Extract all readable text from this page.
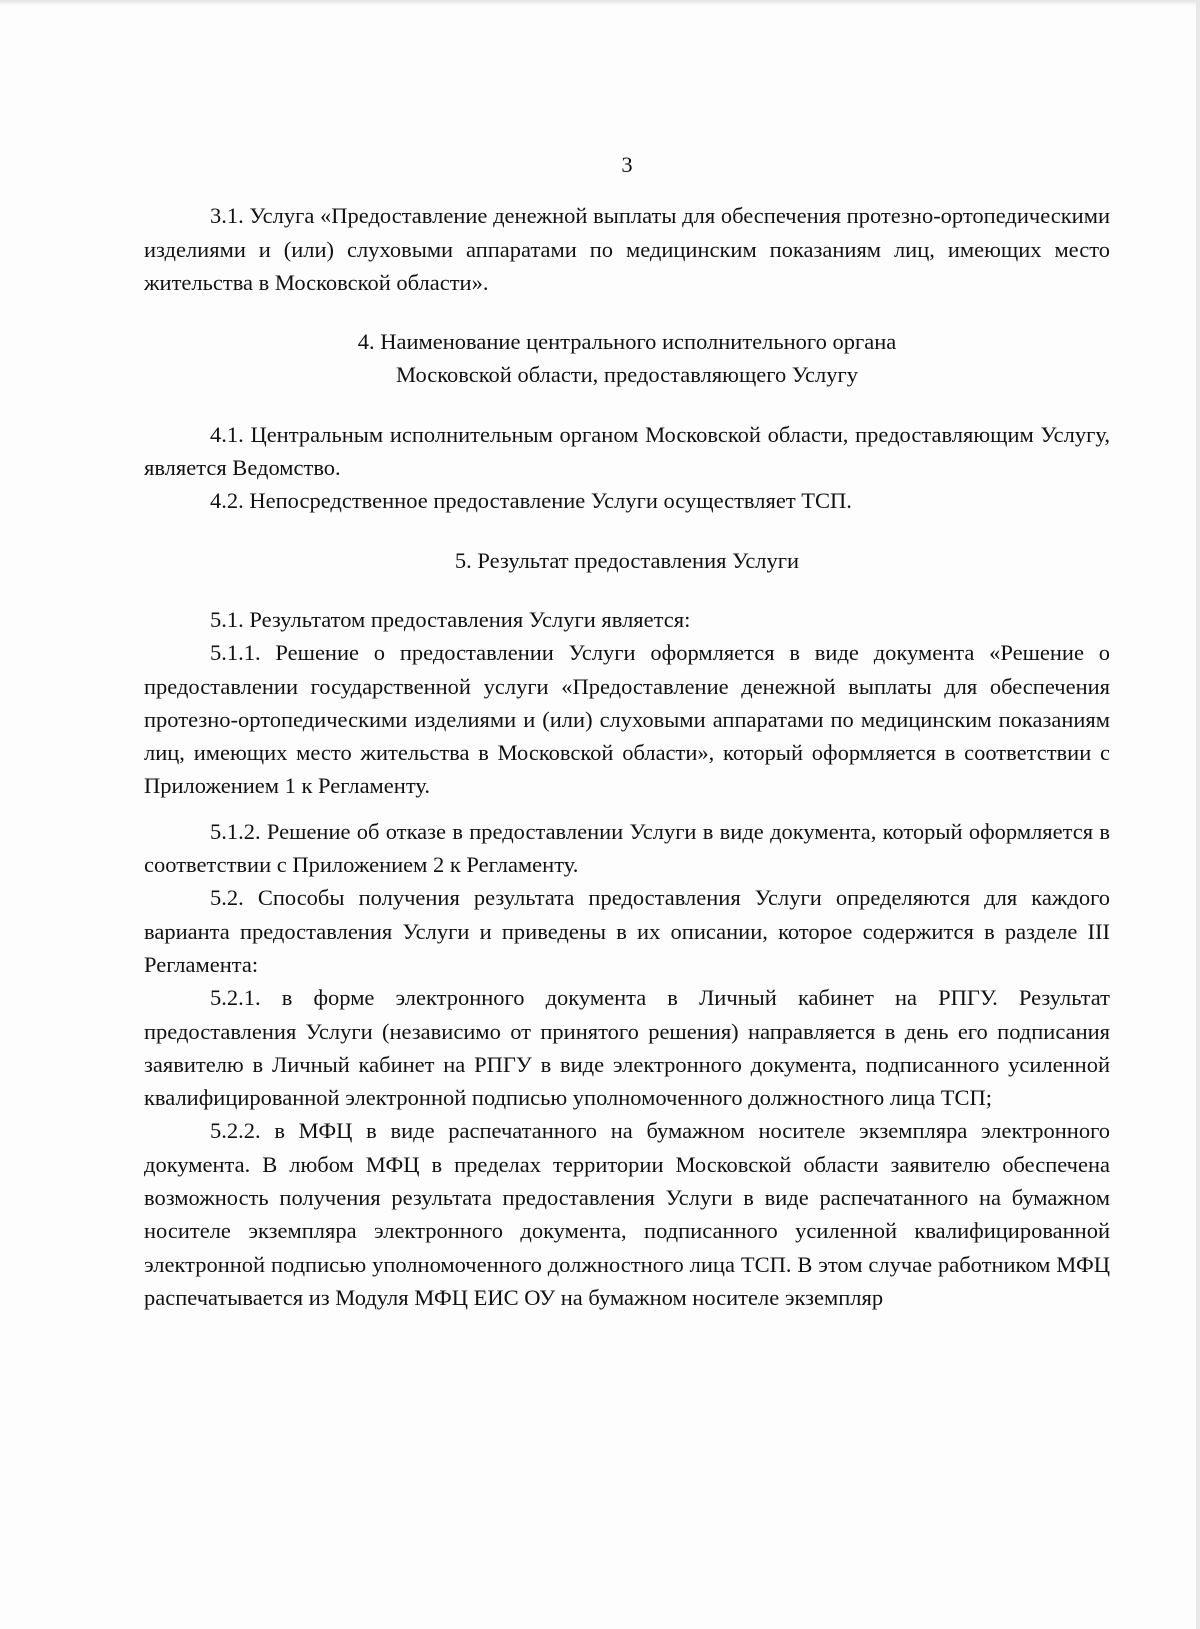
3

3.1. Услуга «Предоставление денежной выплаты для обеспечения протезно-ортопедическими изделиями и (или) слуховыми аппаратами по медицинским показаниям лиц, имеющих место жительства в Московской области».

4. Наименование центрального исполнительного органа

Московской области, предоставляющего Услугу

4.1. Центральным исполнительным органом Московской области, предоставляющим Услугу, является Ведомство.

4.2. Непосредственное предоставление Услуги осуществляет ТСП.

5. Результат предоставления Услуги

5.1. Результатом предоставления Услуги является:

5.1.1. Решение о предоставлении Услуги оформляется в виде документа «Решение о предоставлении государственной услуги «Предоставление денежной выплаты для обеспечения протезно-ортопедическими изделиями и (или) слуховыми аппаратами по медицинским показаниям лиц, имеющих место жительства в Московской области», который оформляется в соответствии с Приложением 1 к Регламенту.

5.1.2. Решение об отказе в предоставлении Услуги в виде документа, который оформляется в соответствии с Приложением 2 к Регламенту.

5.2. Способы получения результата предоставления Услуги определяются для каждого варианта предоставления Услуги и приведены в их описании, которое содержится в разделе III Регламента:

5.2.1. в форме электронного документа в Личный кабинет на РПГУ. Результат предоставления Услуги (независимо от принятого решения) направляется в день его подписания заявителю в Личный кабинет на РПГУ в виде электронного документа, подписанного усиленной квалифицированной электронной подписью уполномоченного должностного лица ТСП;

5.2.2. в МФЦ в виде распечатанного на бумажном носителе экземпляра электронного документа. В любом МФЦ в пределах территории Московской области заявителю обеспечена возможность получения результата предоставления Услуги в виде распечатанного на бумажном носителе экземпляра электронного документа, подписанного усиленной квалифицированной электронной подписью уполномоченного должностного лица ТСП. В этом случае работником МФЦ распечатывается из Модуля МФЦ ЕИС ОУ на бумажном носителе экземпляр
